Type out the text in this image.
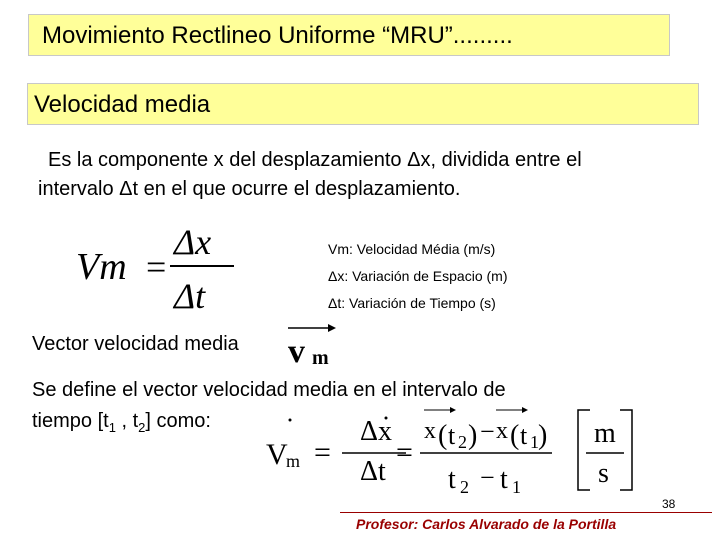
Movimiento Rectlineo Uniforme “MRU”.........
Velocidad media
Es la componente x del desplazamiento Δx, dividida entre el
intervalo Δt en el que ocurre el desplazamiento.
Vm =
Δx
Δt
Vm: Velocidad Média (m/s)
Δx: Variación de Espacio (m)
Δt: Variación de Tiempo (s)
Vector velocidad media v m
Se define el vector velocidad media en el intervalo de
tiempo [$t_1$ , $t_2$] como:
V
m =
Δx
Δt
=
x ( t 2 ) − x ( t 1 )
t 2 − t 1
m
s
38
Profesor: Carlos Alvarado de la Portilla
